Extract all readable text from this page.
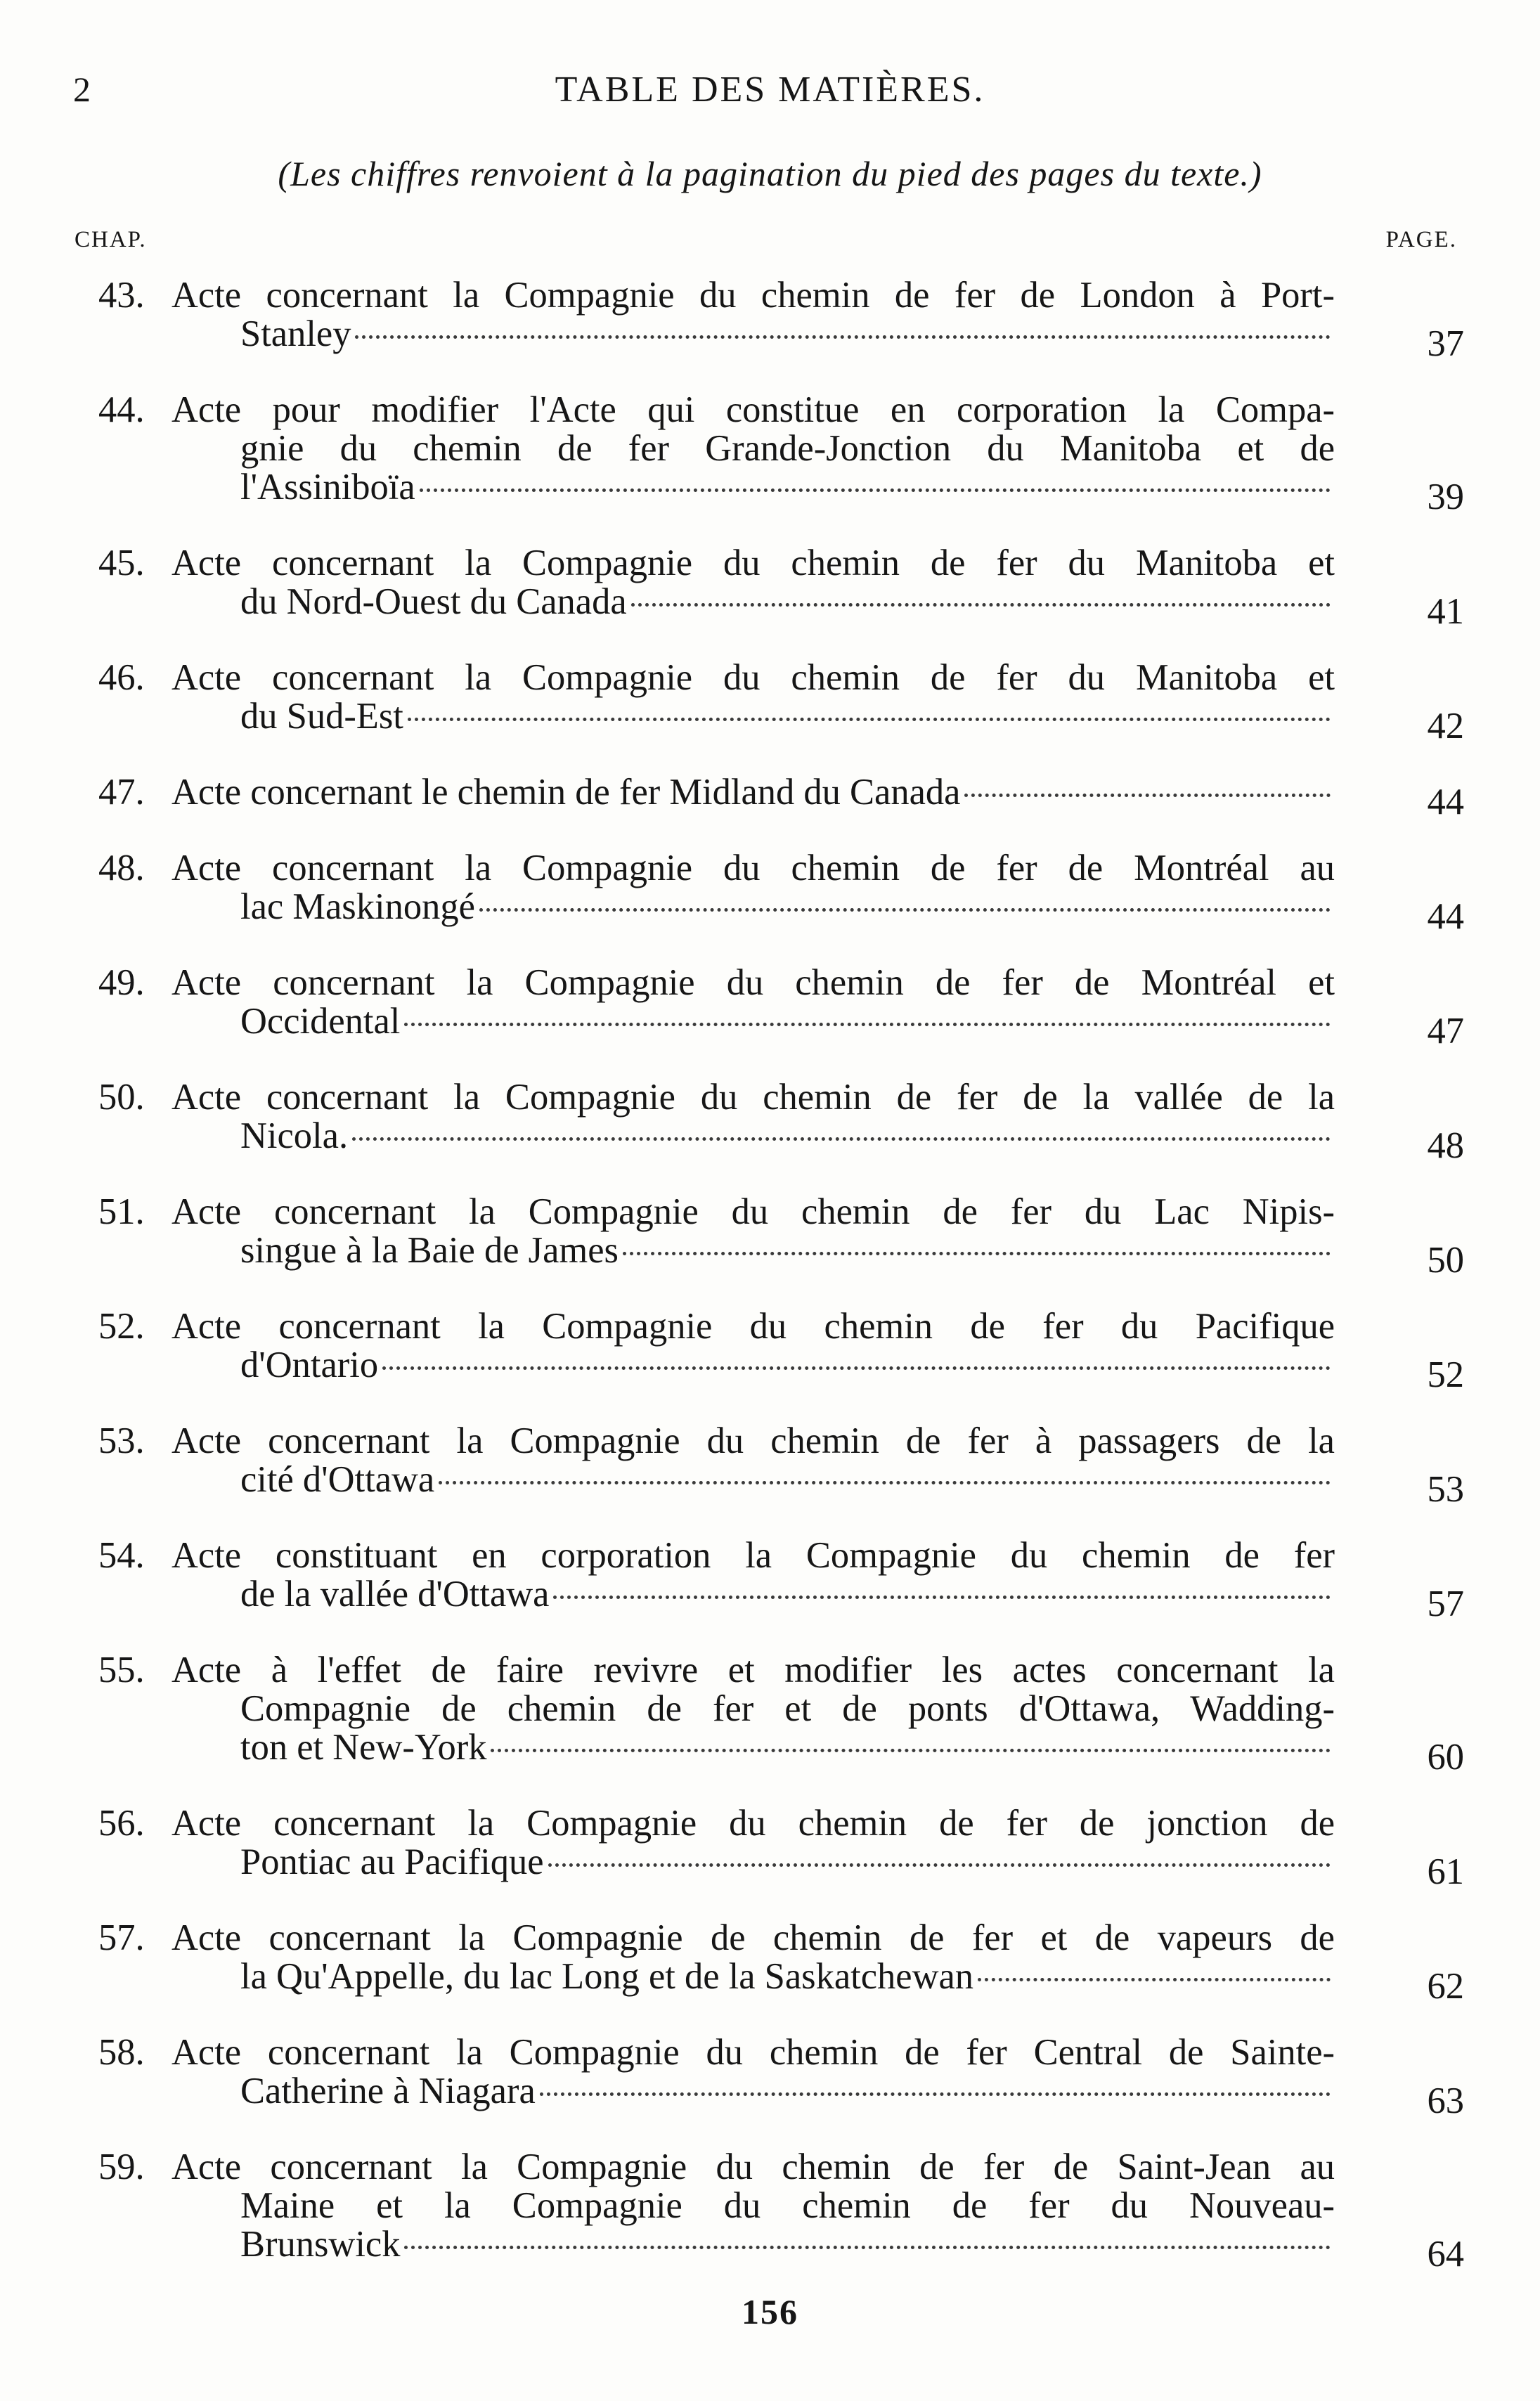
2	TABLE DES MATIÈRES.
(Les chiffres renvoient à la pagination du pied des pages du texte.)
CHAP.	PAGE.
43. Acte concernant la Compagnie du chemin de fer de London à Port-
Stanley	37
44. Acte pour modifier l'Acte qui constitue en corporation la Compa-
gnie du chemin de fer Grande-Jonction du Manitoba et de
l'Assiniboïa	39
45. Acte concernant la Compagnie du chemin de fer du Manitoba et
du Nord-Ouest du Canada	41
46. Acte concernant la Compagnie du chemin de fer du Manitoba et
du Sud-Est	42
47. Acte concernant le chemin de fer Midland du Canada	44
48. Acte concernant la Compagnie du chemin de fer de Montréal au
lac Maskinongé	44
49. Acte concernant la Compagnie du chemin de fer de Montréal et
Occidental	47
50. Acte concernant la Compagnie du chemin de fer de la vallée de la
Nicola.	48
51. Acte concernant la Compagnie du chemin de fer du Lac Nipis-
singue à la Baie de James	50
52. Acte concernant la Compagnie du chemin de fer du Pacifique
d'Ontario	52
53. Acte concernant la Compagnie du chemin de fer à passagers de la
cité d'Ottawa	53
54. Acte constituant en corporation la Compagnie du chemin de fer
de la vallée d'Ottawa	57
55. Acte à l'effet de faire revivre et modifier les actes concernant la
Compagnie de chemin de fer et de ponts d'Ottawa, Wadding-
ton et New-York	60
56. Acte concernant la Compagnie du chemin de fer de jonction de
Pontiac au Pacifique	61
57. Acte concernant la Compagnie de chemin de fer et de vapeurs de
la Qu'Appelle, du lac Long et de la Saskatchewan	62
58. Acte concernant la Compagnie du chemin de fer Central de Sainte-
Catherine à Niagara	63
59. Acte concernant la Compagnie du chemin de fer de Saint-Jean au
Maine et la Compagnie du chemin de fer du Nouveau-
Brunswick	64
156
